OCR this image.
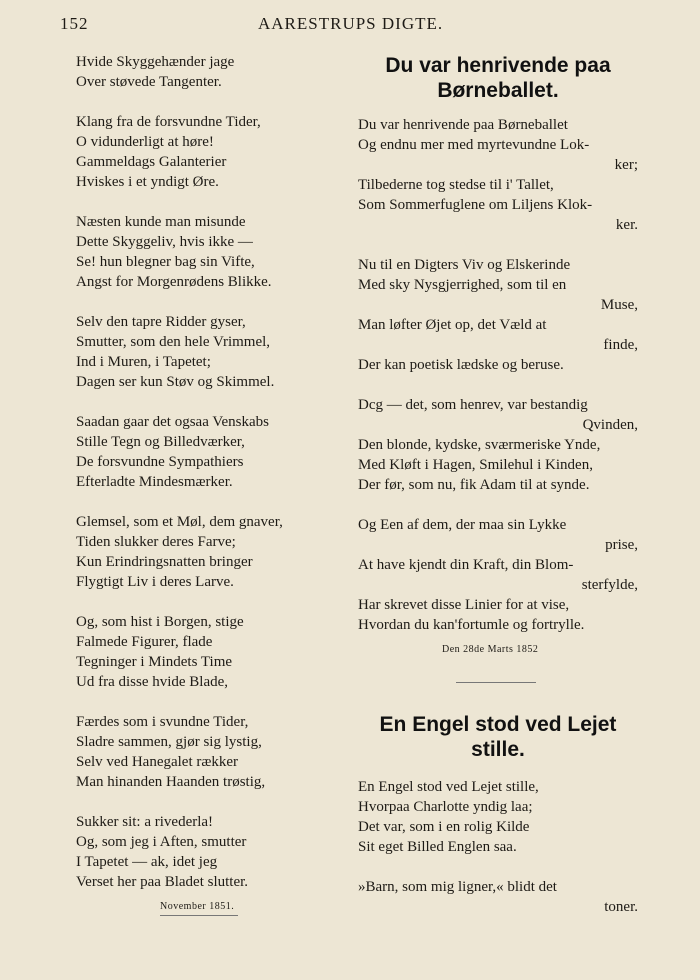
152	AARESTRUPS DIGTE.
Hvide Skyggehænder jage
Over støvede Tangenter.
Klang fra de forsvundne Tider,
O vidunderligt at høre!
Gammeldags Galanterier
Hviskes i et yndigt Øre.
Næsten kunde man misunde
Dette Skyggeliv, hvis ikke —
Se! hun blegner bag sin Vifte,
Angst for Morgenrødens Blikke.
Selv den tapre Ridder gyser,
Smutter, som den hele Vrimmel,
Ind i Muren, i Tapetet;
Dagen ser kun Støv og Skimmel.
Saadan gaar det ogsaa Venskabs
Stille Tegn og Billedværker,
De forsvundne Sympathiers
Efterladte Mindesmærker.
Glemsel, som et Møl, dem gnaver,
Tiden slukker deres Farve;
Kun Erindringsnatten bringer
Flygtigt Liv i deres Larve.
Og, som hist i Borgen, stige
Falmede Figurer, flade
Tegninger i Mindets Time
Ud fra disse hvide Blade,
Færdes som i svundne Tider,
Sladre sammen, gjør sig lystig,
Selv ved Hanegalet rækker
Man hinanden Haanden trøstig,
Sukker sit: a rivederla!
Og, som jeg i Aften, smutter
I Tapetet — ak, idet jeg
Verset her paa Bladet slutter.
November 1851.
Du var henrivende paa Børneballet.
Du var henrivende paa Børneballet
Og endnu mer med myrtevundne Lok-
ker;
Tilbederne tog stedse til i' Tallet,
Som Sommerfuglene om Liljens Klok-
ker.
Nu til en Digters Viv og Elskerinde
Med sky Nysgjerrighed, som til en
Muse,
Man løfter Øjet op, det Væld at
finde,
Der kan poetisk lædske og beruse.
Dcg — det, som henrev, var bestandig
Qvinden,
Den blonde, kydske, sværmeriske Ynde,
Med Kløft i Hagen, Smilehul i Kinden,
Der før, som nu, fik Adam til at synde.
Og Een af dem, der maa sin Lykke
prise,
At have kjendt din Kraft, din Blom-
sterfylde,
Har skrevet disse Linier for at vise,
Hvordan du kan'fortumle og fortrylle.
Den 28de Marts 1852
En Engel stod ved Lejet stille.
En Engel stod ved Lejet stille,
Hvorpaa Charlotte yndig laa;
Det var, som i en rolig Kilde
Sit eget Billed Englen saa.
»Barn, som mig ligner,« blidt det
toner.
